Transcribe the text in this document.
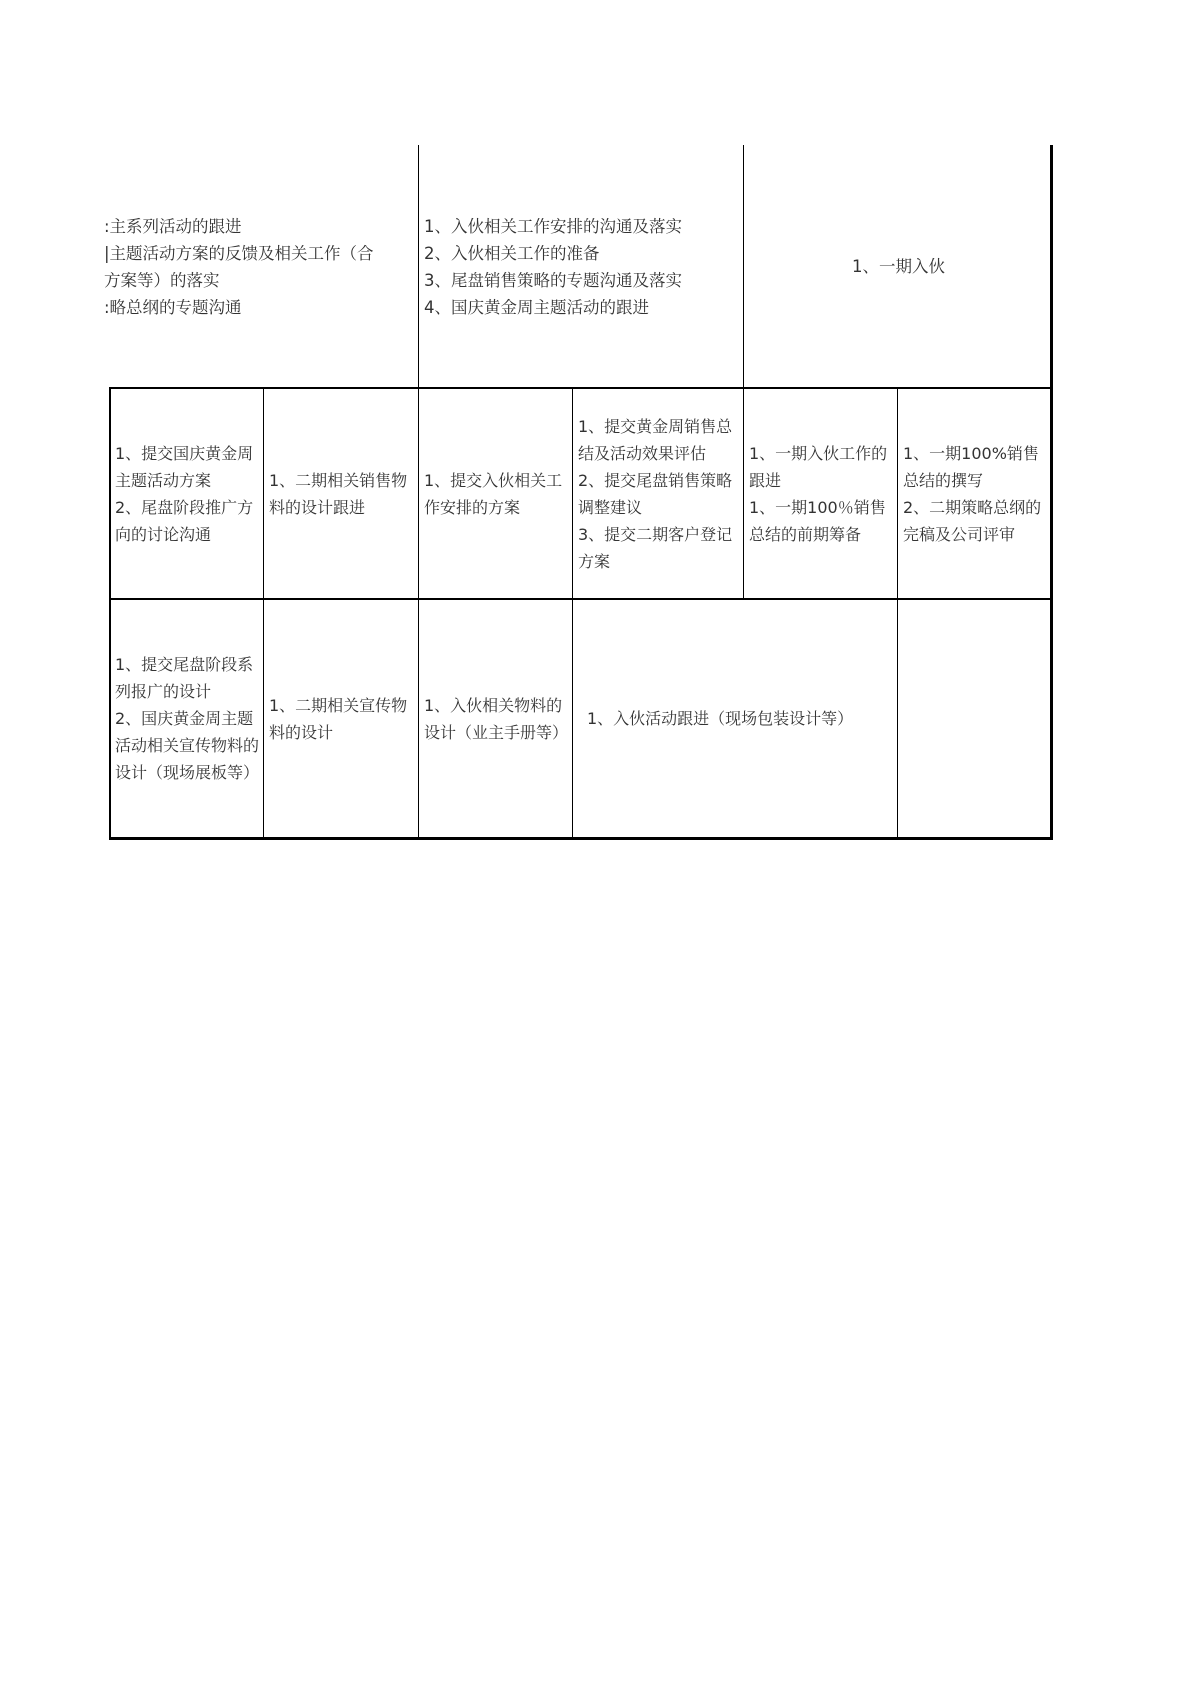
:主系列活动的跟进
|主题活动方案的反馈及相关工作（合
方案等）的落实
:略总纲的专题沟通
1、入伙相关工作安排的沟通及落实
2、入伙相关工作的准备
3、尾盘销售策略的专题沟通及落实
4、国庆黄金周主题活动的跟进
1、一期入伙
1、提交国庆黄金周主题活动方案
2、尾盘阶段推广方向的讨论沟通
1、二期相关销售物料的设计跟进
1、提交入伙相关工作安排的方案
1、提交黄金周销售总结及活动效果评估
2、提交尾盘销售策略调整建议
3、提交二期客户登记方案
1、一期入伙工作的跟进
1、一期100％销售总结的前期筹备
1、一期100%销售总结的撰写
2、二期策略总纲的完稿及公司评审
1、提交尾盘阶段系列报广的设计
2、国庆黄金周主题活动相关宣传物料的设计（现场展板等）
1、二期相关宣传物料的设计
1、入伙相关物料的设计（业主手册等）
1、入伙活动跟进（现场包装设计等）
